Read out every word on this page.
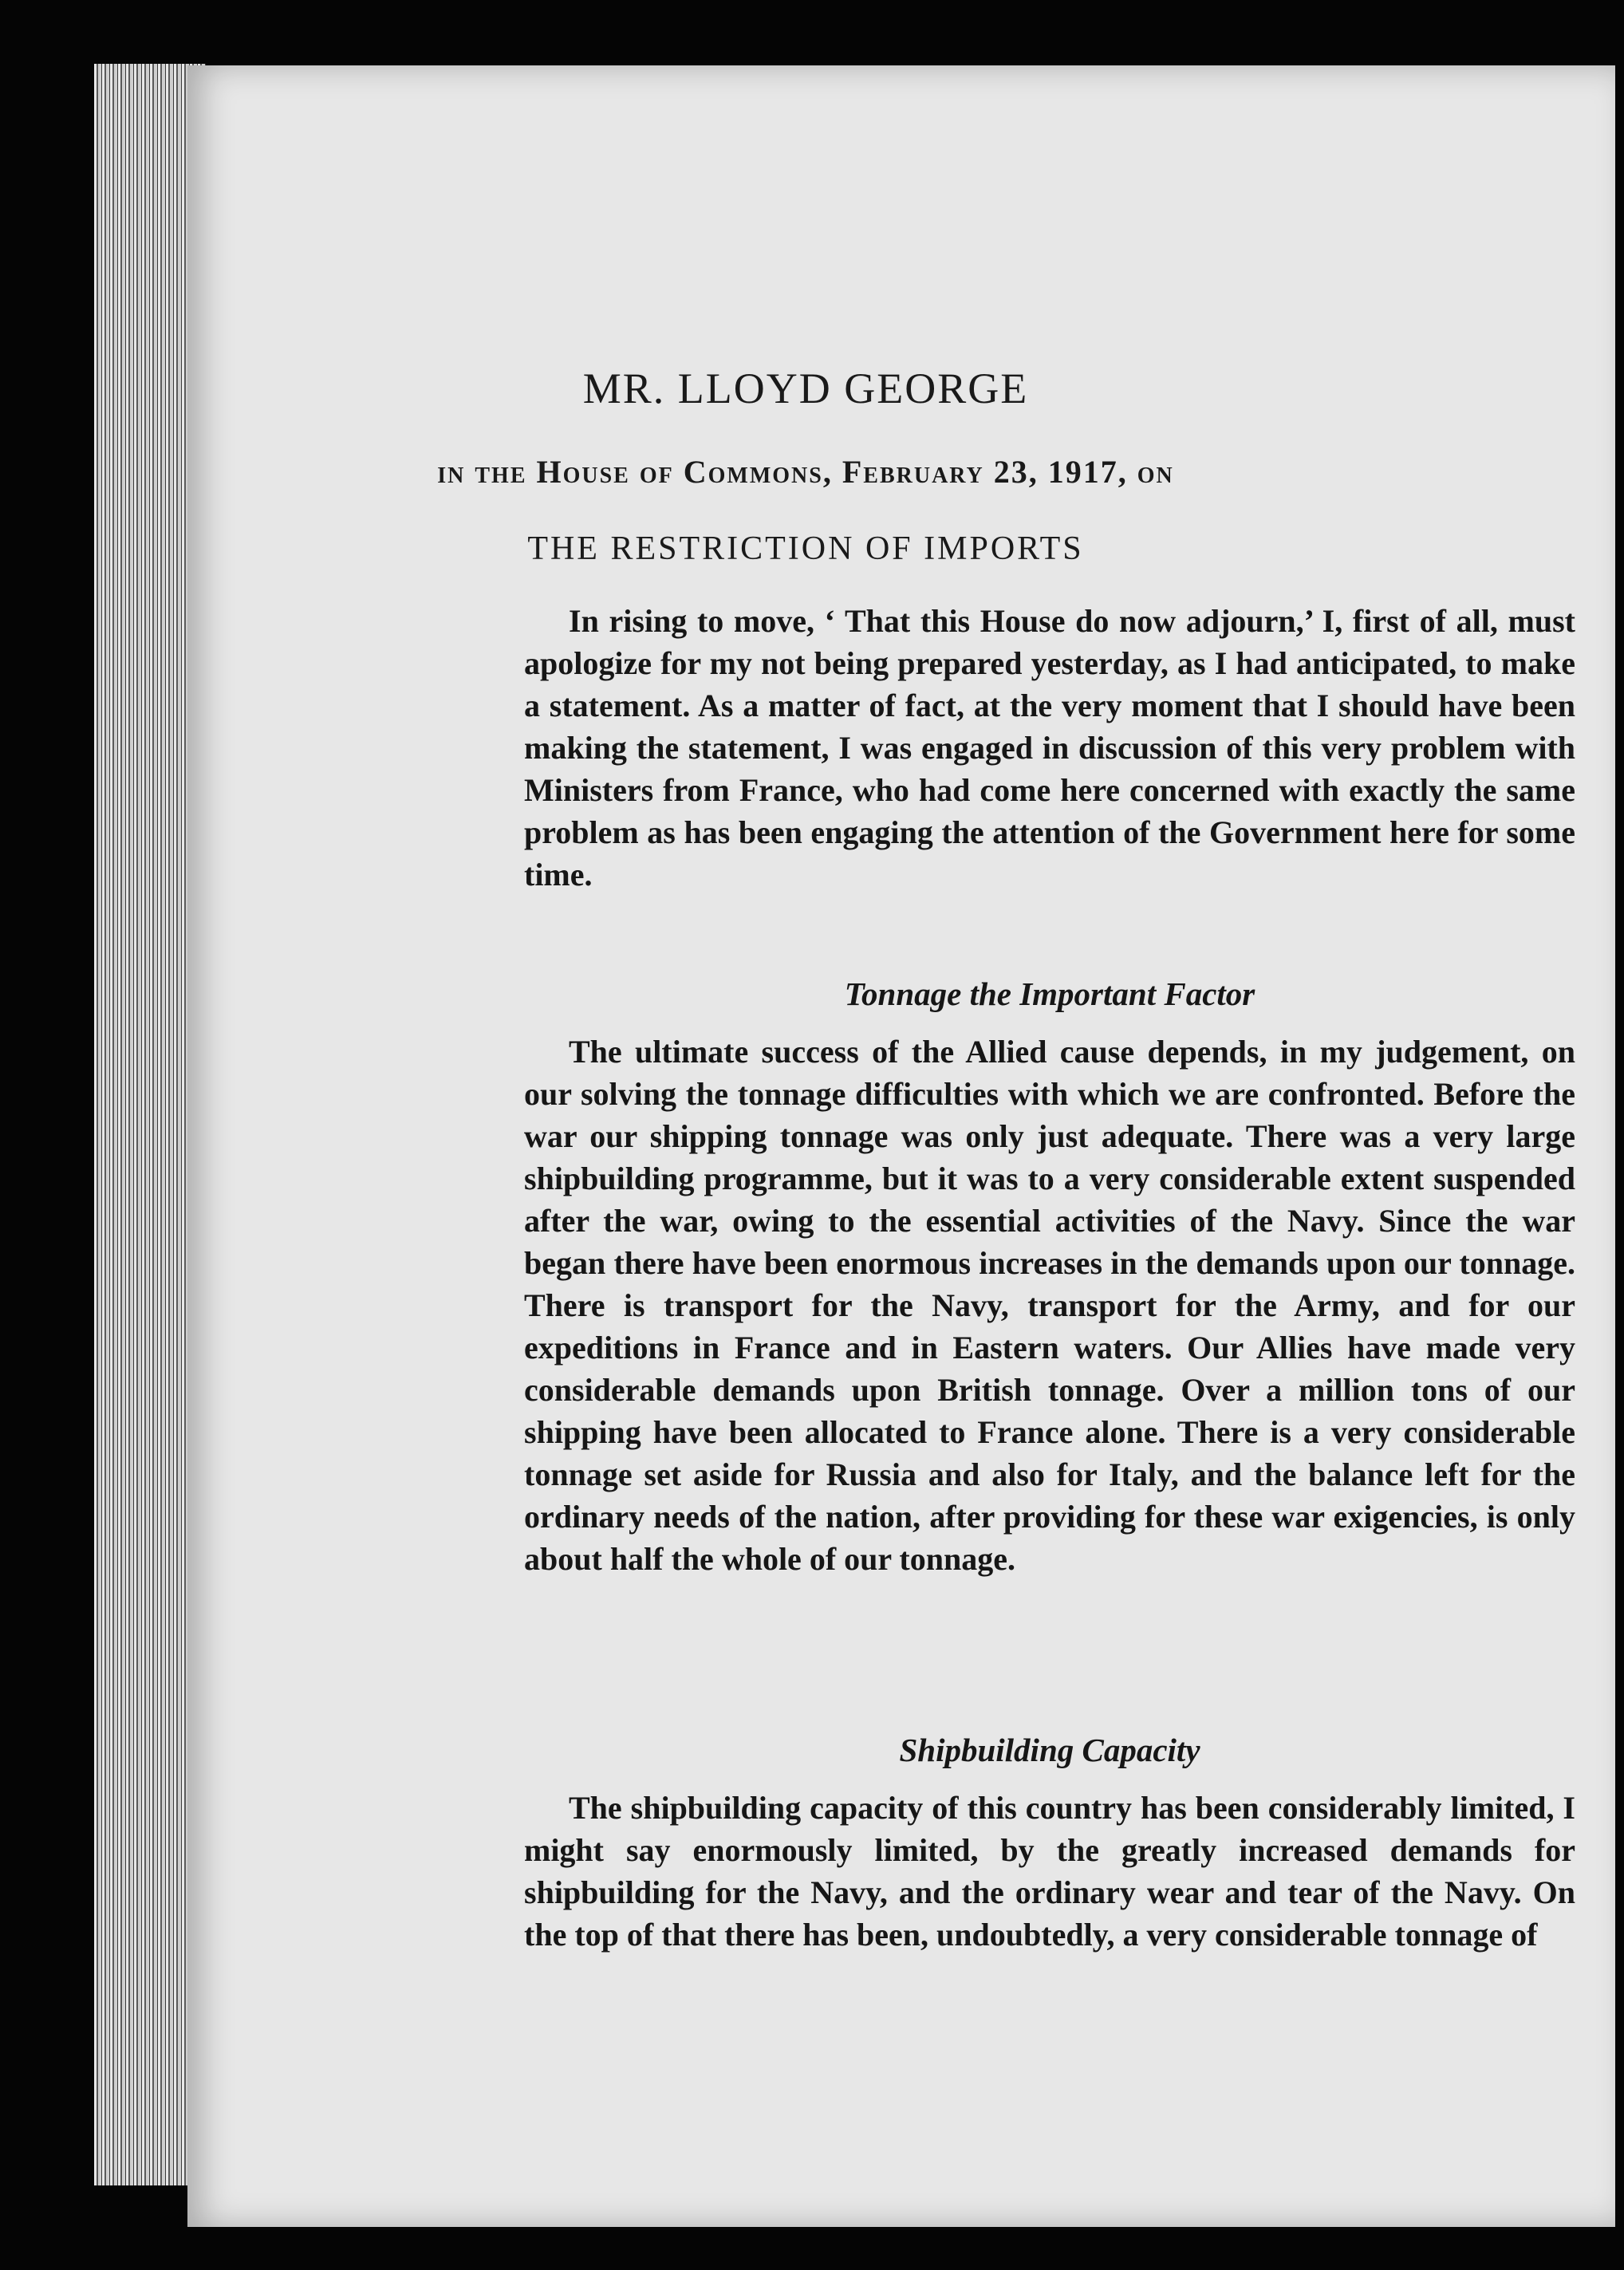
MR. LLOYD GEORGE
in the House of Commons, February 23, 1917, on
THE RESTRICTION OF IMPORTS

In rising to move, ‘ That this House do now adjourn,’ I, first of all, must apologize for my not being prepared yesterday, as I had anticipated, to make a statement. As a matter of fact, at the very moment that I should have been making the statement, I was engaged in discussion of this very problem with Ministers from France, who had come here concerned with exactly the same problem as has been engaging the attention of the Government here for some time.

Tonnage the Important Factor

The ultimate success of the Allied cause depends, in my judgement, on our solving the tonnage difficulties with which we are confronted. Before the war our shipping tonnage was only just adequate. There was a very large shipbuilding programme, but it was to a very considerable extent suspended after the war, owing to the essential activities of the Navy. Since the war began there have been enormous increases in the demands upon our tonnage. There is transport for the Navy, transport for the Army, and for our expeditions in France and in Eastern waters. Our Allies have made very considerable demands upon British tonnage. Over a million tons of our shipping have been allocated to France alone. There is a very considerable tonnage set aside for Russia and also for Italy, and the balance left for the ordinary needs of the nation, after providing for these war exigencies, is only about half the whole of our tonnage.

Shipbuilding Capacity

The shipbuilding capacity of this country has been considerably limited, I might say enormously limited, by the greatly increased demands for shipbuilding for the Navy, and the ordinary wear and tear of the Navy. On the top of that there has been, undoubtedly, a very considerable tonnage of
